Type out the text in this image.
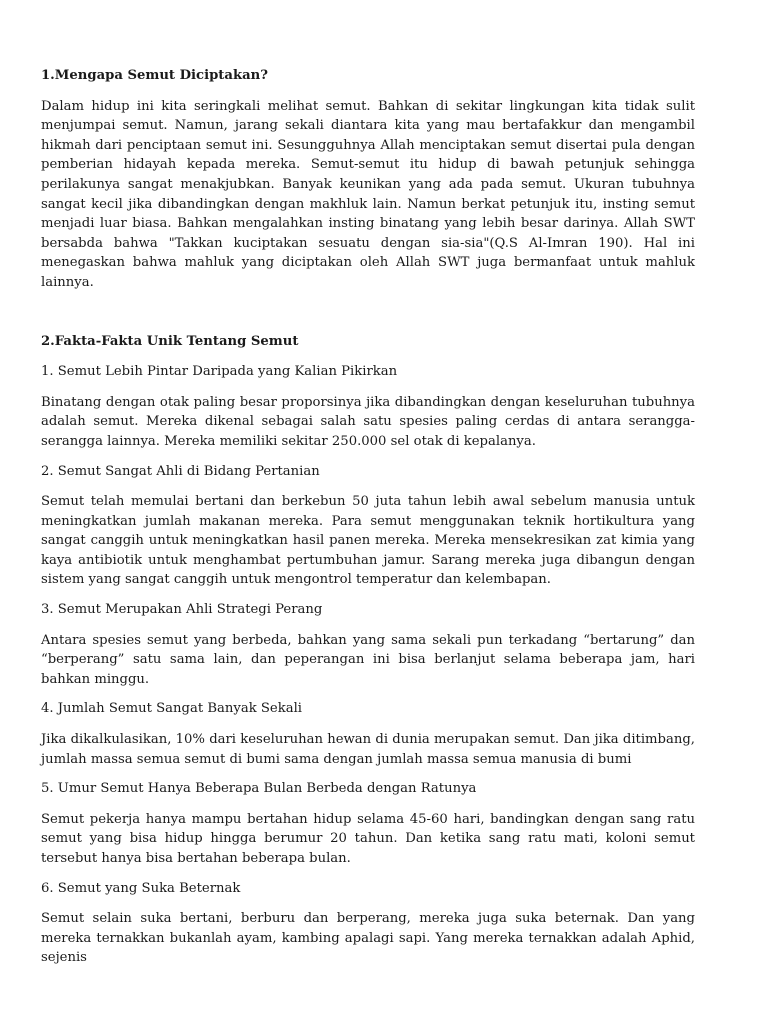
1.Mengapa Semut Diciptakan?
Dalam hidup ini kita seringkali melihat semut. Bahkan di sekitar lingkungan kita tidak sulit menjumpai semut. Namun, jarang sekali diantara kita yang mau bertafakkur dan mengambil hikmah dari penciptaan semut ini. Sesungguhnya Allah menciptakan semut disertai pula dengan pemberian hidayah kepada mereka. Semut-semut itu hidup di bawah petunjuk sehingga perilakunya sangat menakjubkan. Banyak keunikan yang ada pada semut. Ukuran tubuhnya sangat kecil jika dibandingkan dengan makhluk lain. Namun berkat petunjuk itu, insting semut menjadi luar biasa. Bahkan mengalahkan insting binatang yang lebih besar darinya. Allah SWT bersabda bahwa "Takkan kuciptakan sesuatu dengan sia-sia"(Q.S Al-Imran 190). Hal ini menegaskan bahwa mahluk yang diciptakan oleh Allah SWT juga bermanfaat untuk mahluk lainnya.
2.Fakta-Fakta Unik Tentang Semut
1. Semut Lebih Pintar Daripada yang Kalian Pikirkan
Binatang dengan otak paling besar proporsinya jika dibandingkan dengan keseluruhan tubuhnya adalah semut. Mereka dikenal sebagai salah satu spesies paling cerdas di antara serangga-serangga lainnya. Mereka memiliki sekitar 250.000 sel otak di kepalanya.
2. Semut Sangat Ahli di Bidang Pertanian
Semut telah memulai bertani dan berkebun 50 juta tahun lebih awal sebelum manusia untuk meningkatkan jumlah makanan mereka. Para semut menggunakan teknik hortikultura yang sangat canggih untuk meningkatkan hasil panen mereka. Mereka mensekresikan zat kimia yang kaya antibiotik untuk menghambat pertumbuhan jamur. Sarang mereka juga dibangun dengan sistem yang sangat canggih untuk mengontrol temperatur dan kelembapan.
3. Semut Merupakan Ahli Strategi Perang
Antara spesies semut yang berbeda, bahkan yang sama sekali pun terkadang “bertarung” dan “berperang” satu sama lain, dan peperangan ini bisa berlanjut selama beberapa jam, hari bahkan minggu.
4. Jumlah Semut Sangat Banyak Sekali
Jika dikalkulasikan, 10% dari keseluruhan hewan di dunia merupakan semut. Dan jika ditimbang, jumlah massa semua semut di bumi sama dengan jumlah massa semua manusia di bumi
5. Umur Semut Hanya Beberapa Bulan Berbeda dengan Ratunya
Semut pekerja hanya mampu bertahan hidup selama 45-60 hari, bandingkan dengan sang ratu semut yang bisa hidup hingga berumur 20 tahun. Dan ketika sang ratu mati, koloni semut tersebut hanya bisa bertahan beberapa bulan.
6. Semut yang Suka Beternak
Semut selain suka bertani, berburu dan berperang, mereka juga suka beternak. Dan yang mereka ternakkan bukanlah ayam, kambing apalagi sapi. Yang mereka ternakkan adalah Aphid, sejenis
